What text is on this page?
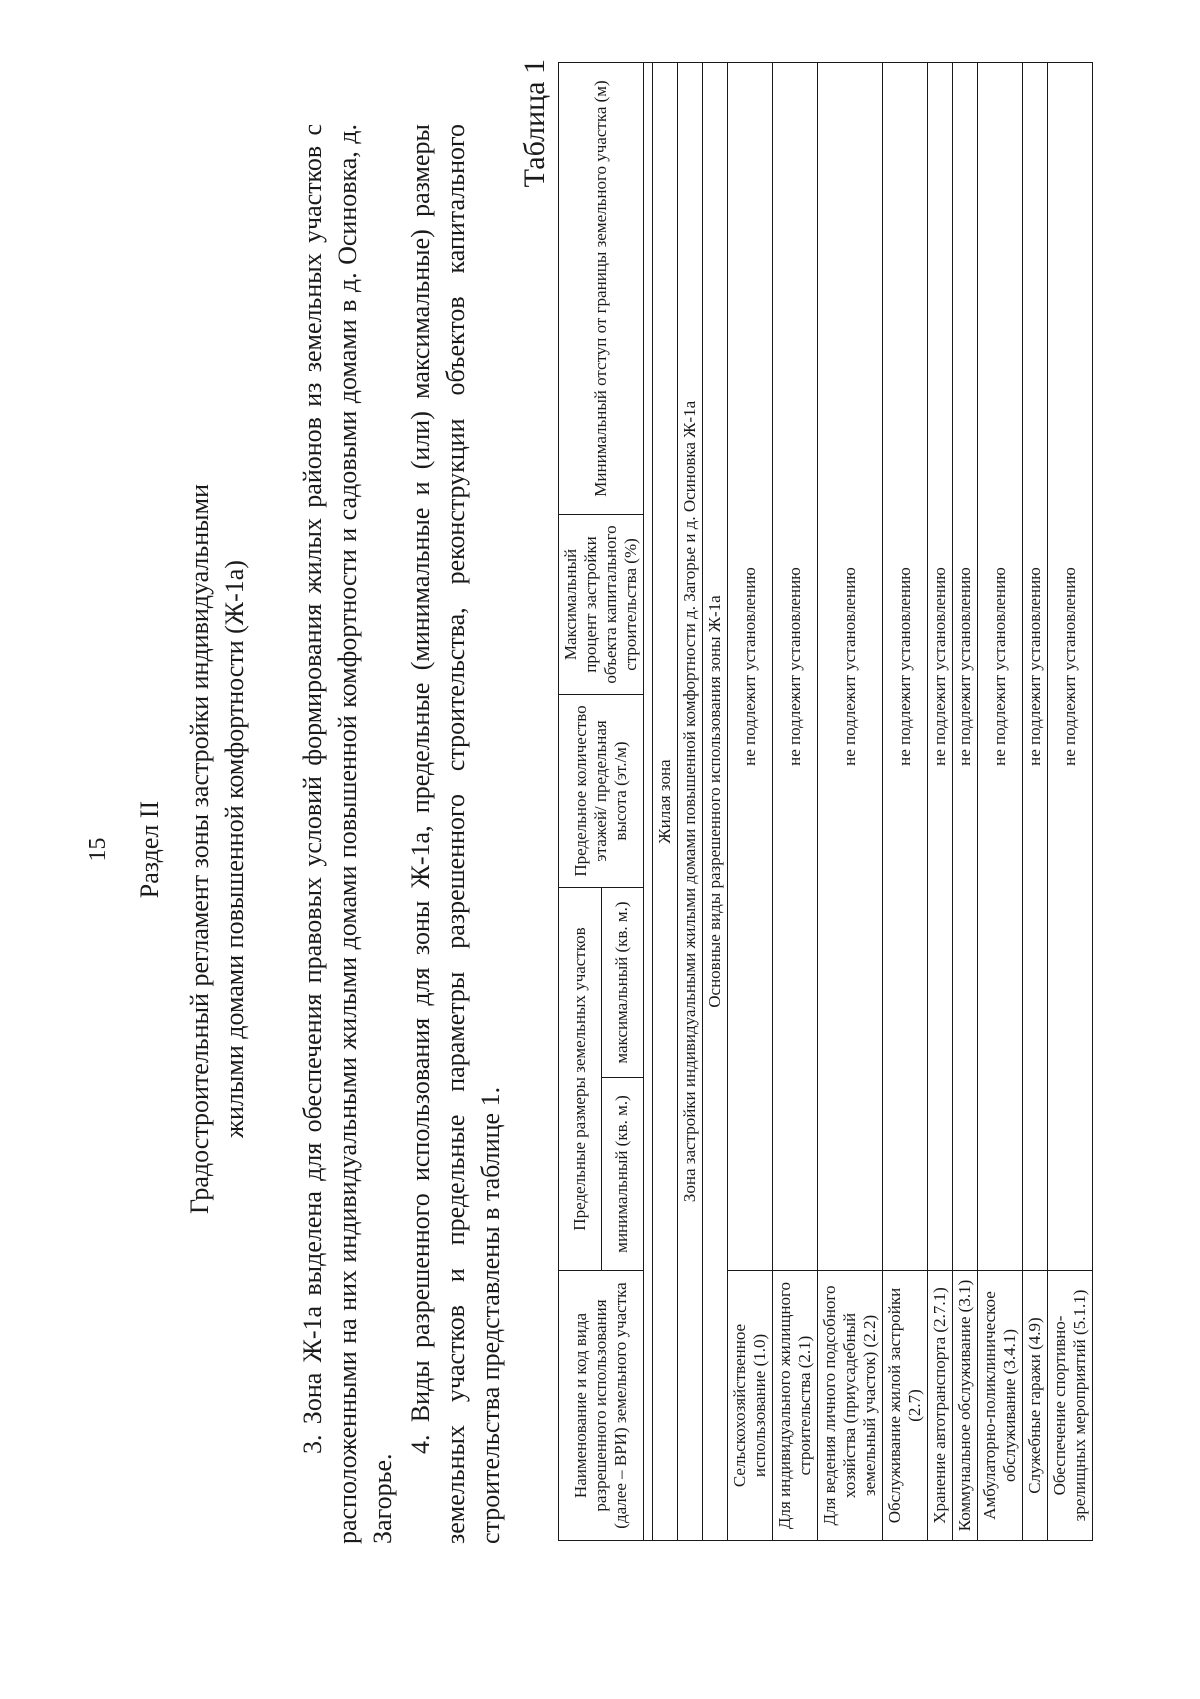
15 Раздел II Градостроительный регламент зоны застройки индивидуальными жилыми домами повышенной комфортности (Ж-1а) 3. Зона Ж-1а выделена для обеспечения правовых условий формирования жилых районов из земельных участков с расположенными на них индивидуальными жилыми домами повышенной комфортности и садовыми домами в д. Осиновка, д. Загорье.
4. Виды разрешенного использования для зоны Ж-1а, предельные (минимальные и (или) максимальные) размеры земельных участков и предельные параметры разрешенного строительства, реконструкции объектов капитального строительства представлены в таблице 1.
Таблица 1
Наименование и код вида разрешенного использования (далее – ВРИ) земельного участка	Предельные размеры земельных участков		Предельное количество этажей/ предельная высота (эт./м)	Максимальный процент застройки объекта капитального строительства (%)	Минимальный отступ от границы земельного участка (м)
	минимальный (кв. м.)	максимальный (кв. м.)			

Жилая зона					
Зона застройки индивидуальными жилыми домами повышенной комфортности д. Загорье и д. Осиновка Ж-1а					
Основные виды разрешенного использования зоны Ж-1а					
Сельскохозяйственное использование (1.0)	не подлежит установлению				
Для индивидуального жилищного строительства (2.1)	не подлежит установлению				
Для ведения личного подсобного хозяйства (приусадебный земельный участок) (2.2)	не подлежит установлению				
Обслуживание жилой застройки (2.7)	не подлежит установлению				
Хранение автотранспорта (2.7.1)	не подлежит установлению				
Коммунальное обслуживание (3.1)	не подлежит установлению				
Амбулаторно-поликлиническое обслуживание (3.4.1)	не подлежит установлению				
Служебные гаражи (4.9)	не подлежит установлению				
Обеспечение спортивно-зрелищных мероприятий (5.1.1)	не подлежит установлению				
